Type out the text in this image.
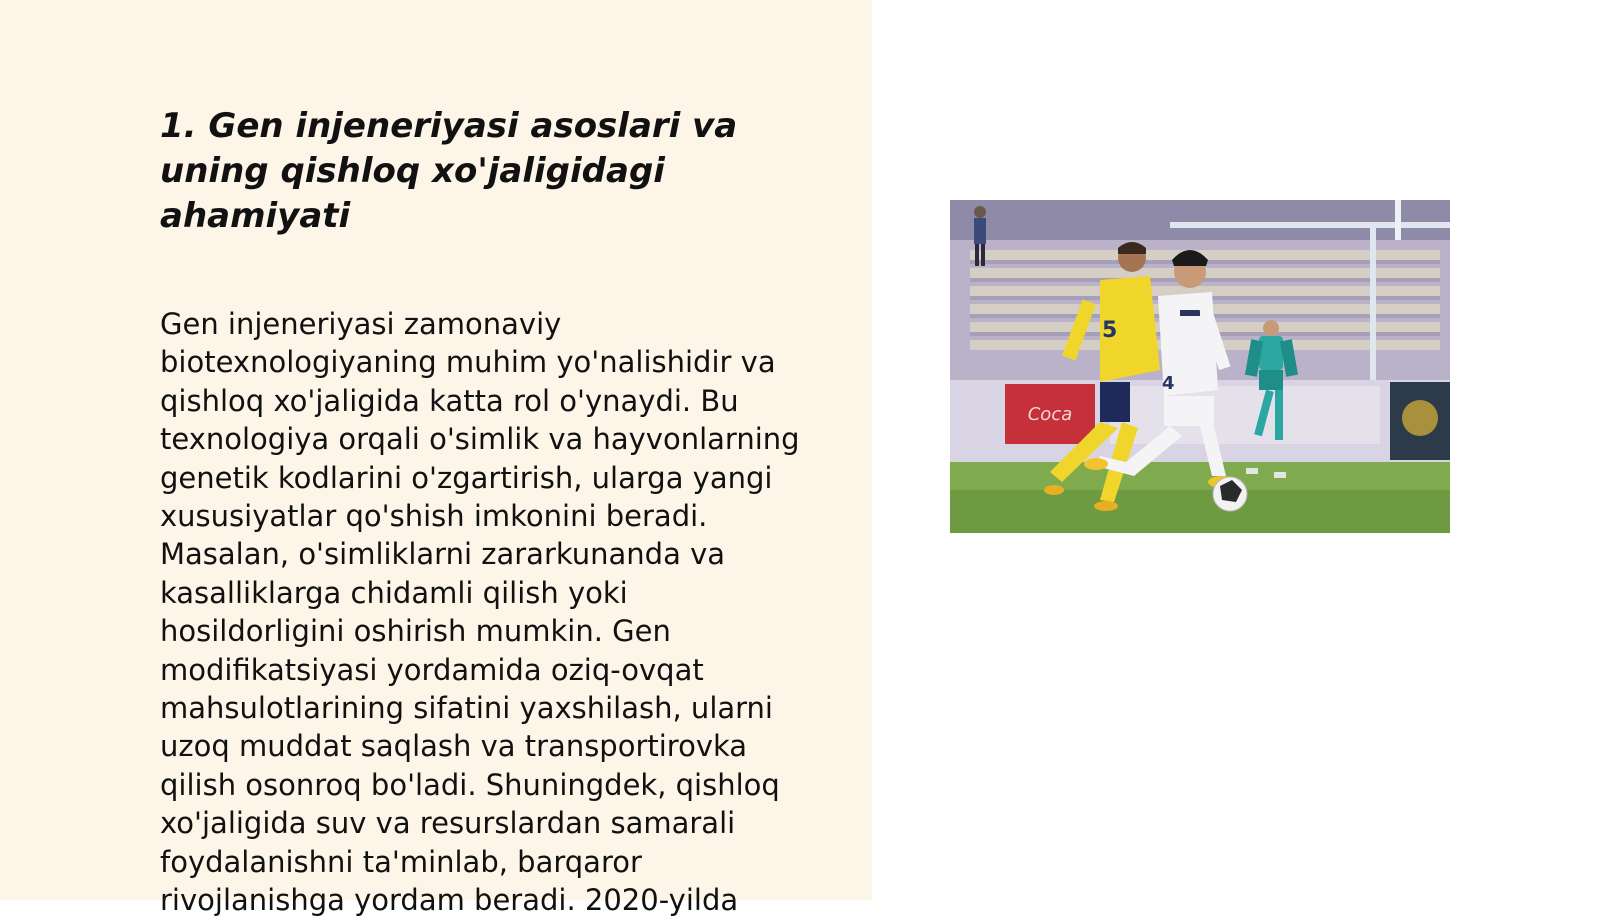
1. Gen injeneriyasi asoslari va uning qishloq xo'jaligidagi ahamiyati

Gen injeneriyasi zamonaviy
biotexnologiyaning muhim yo'nalishidir va
qishloq xo'jaligida katta rol o'ynaydi. Bu
texnologiya orqali o'simlik va hayvonlarning
genetik kodlarini o'zgartirish, ularga yangi
xususiyatlar qo'shish imkonini beradi.
Masalan, o'simliklarni zararkunanda va
kasalliklarga chidamli qilish yoki
hosildorligini oshirish mumkin. Gen
modifikatsiyasi yordamida oziq-ovqat
mahsulotlarining sifatini yaxshilash, ularni
uzoq muddat saqlash va transportirovka
qilish osonroq bo'ladi. Shuningdek, qishloq
xo'jaligida suv va resurslardan samarali
foydalanishni ta'minlab, barqaror
rivojlanishga yordam beradi. 2020-yilda

Coca
5
4
